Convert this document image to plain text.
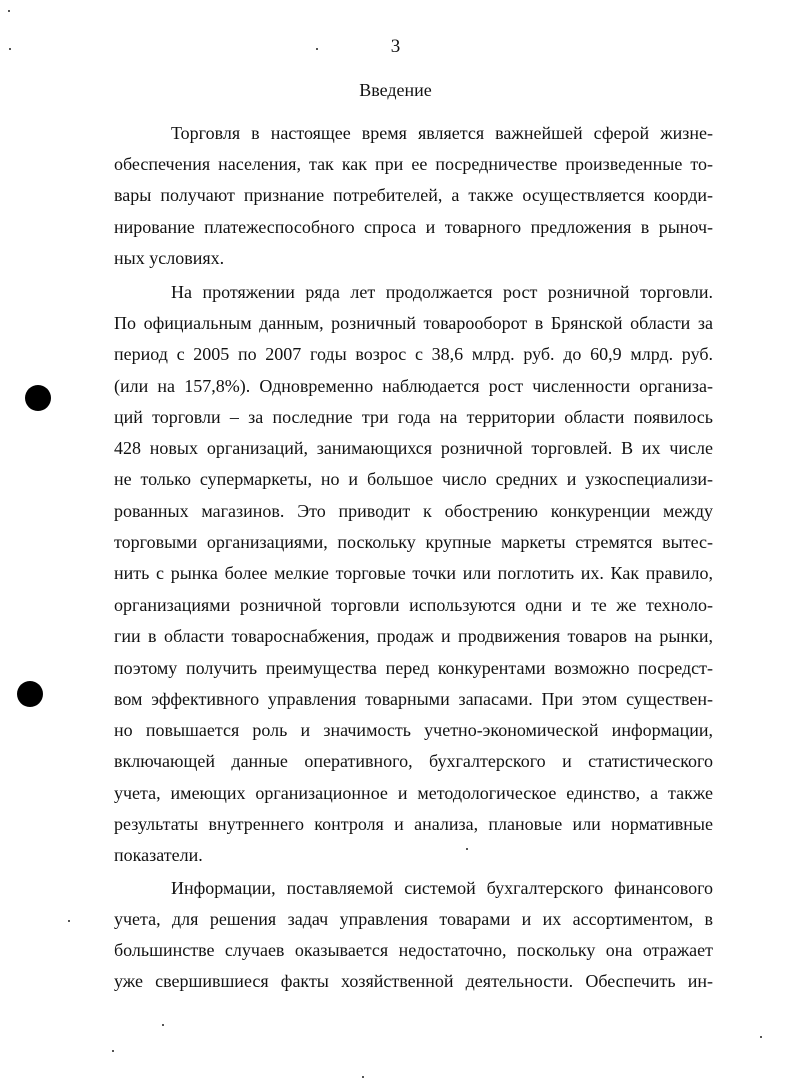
3
Введение
Торговля в настоящее время является важнейшей сферой жизне-
обеспечения населения, так как при ее посредничестве произведенные то-
вары получают признание потребителей, а также осуществляется коорди-
нирование платежеспособного спроса и товарного предложения в рыноч-
ных условиях.
На протяжении ряда лет продолжается рост розничной торговли.
По официальным данным, розничный товарооборот в Брянской области за
период с 2005 по 2007 годы возрос с 38,6 млрд. руб. до 60,9 млрд. руб.
(или на 157,8%). Одновременно наблюдается рост численности организа-
ций торговли – за последние три года на территории области появилось
428 новых организаций, занимающихся розничной торговлей. В их числе
не только супермаркеты, но и большое число средних и узкоспециализи-
рованных магазинов. Это приводит к обострению конкуренции между
торговыми организациями, поскольку крупные маркеты стремятся вытес-
нить с рынка более мелкие торговые точки или поглотить их. Как правило,
организациями розничной торговли используются одни и те же техноло-
гии в области товароснабжения, продаж и продвижения товаров на рынки,
поэтому получить преимущества перед конкурентами возможно посредст-
вом эффективного управления товарными запасами. При этом существен-
но повышается роль и значимость учетно-экономической информации,
включающей данные оперативного, бухгалтерского и статистического
учета, имеющих организационное и методологическое единство, а также
результаты внутреннего контроля и анализа, плановые или нормативные
показатели.
Информации, поставляемой системой бухгалтерского финансового
учета, для решения задач управления товарами и их ассортиментом, в
большинстве случаев оказывается недостаточно, поскольку она отражает
уже свершившиеся факты хозяйственной деятельности. Обеспечить ин-
